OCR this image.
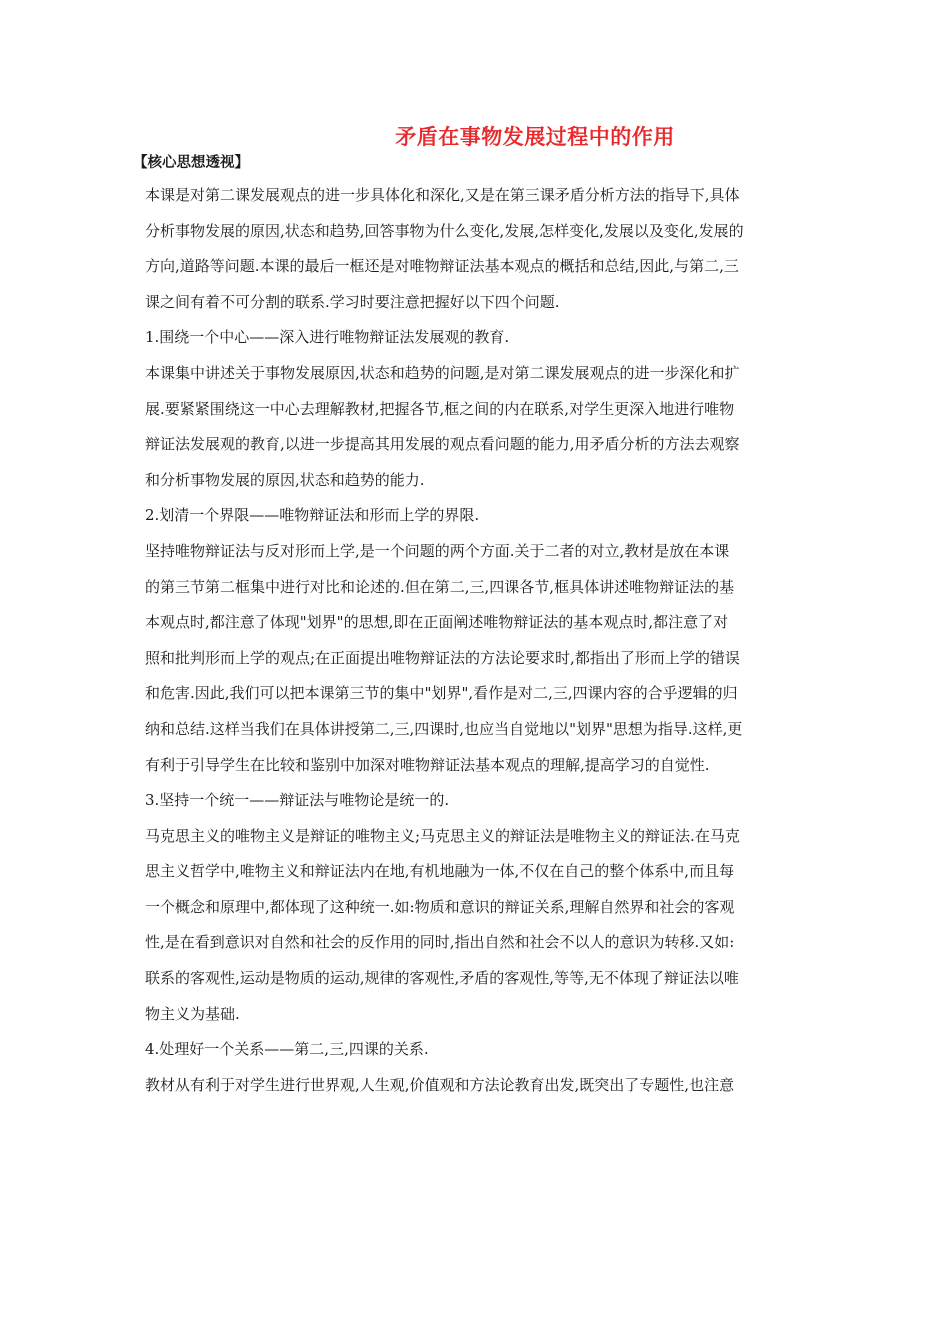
矛盾在事物发展过程中的作用
【核心思想透视】
本课是对第二课发展观点的进一步具体化和深化,又是在第三课矛盾分析方法的指导下,具体
分析事物发展的原因,状态和趋势,回答事物为什么变化,发展,怎样变化,发展以及变化,发展的
方向,道路等问题.本课的最后一框还是对唯物辩证法基本观点的概括和总结,因此,与第二,三
课之间有着不可分割的联系.学习时要注意把握好以下四个问题.
1.围绕一个中心——深入进行唯物辩证法发展观的教育.
本课集中讲述关于事物发展原因,状态和趋势的问题,是对第二课发展观点的进一步深化和扩
展.要紧紧围绕这一中心去理解教材,把握各节,框之间的内在联系,对学生更深入地进行唯物
辩证法发展观的教育,以进一步提高其用发展的观点看问题的能力,用矛盾分析的方法去观察
和分析事物发展的原因,状态和趋势的能力.
2.划清一个界限——唯物辩证法和形而上学的界限.
坚持唯物辩证法与反对形而上学,是一个问题的两个方面.关于二者的对立,教材是放在本课
的第三节第二框集中进行对比和论述的.但在第二,三,四课各节,框具体讲述唯物辩证法的基
本观点时,都注意了体现"划界"的思想,即在正面阐述唯物辩证法的基本观点时,都注意了对
照和批判形而上学的观点;在正面提出唯物辩证法的方法论要求时,都指出了形而上学的错误
和危害.因此,我们可以把本课第三节的集中"划界",看作是对二,三,四课内容的合乎逻辑的归
纳和总结.这样当我们在具体讲授第二,三,四课时,也应当自觉地以"划界"思想为指导.这样,更
有利于引导学生在比较和鉴别中加深对唯物辩证法基本观点的理解,提高学习的自觉性.
3.坚持一个统一——辩证法与唯物论是统一的.
马克思主义的唯物主义是辩证的唯物主义;马克思主义的辩证法是唯物主义的辩证法.在马克
思主义哲学中,唯物主义和辩证法内在地,有机地融为一体,不仅在自己的整个体系中,而且每
一个概念和原理中,都体现了这种统一.如:物质和意识的辩证关系,理解自然界和社会的客观
性,是在看到意识对自然和社会的反作用的同时,指出自然和社会不以人的意识为转移.又如:
联系的客观性,运动是物质的运动,规律的客观性,矛盾的客观性,等等,无不体现了辩证法以唯
物主义为基础.
4.处理好一个关系——第二,三,四课的关系.
教材从有利于对学生进行世界观,人生观,价值观和方法论教育出发,既突出了专题性,也注意
